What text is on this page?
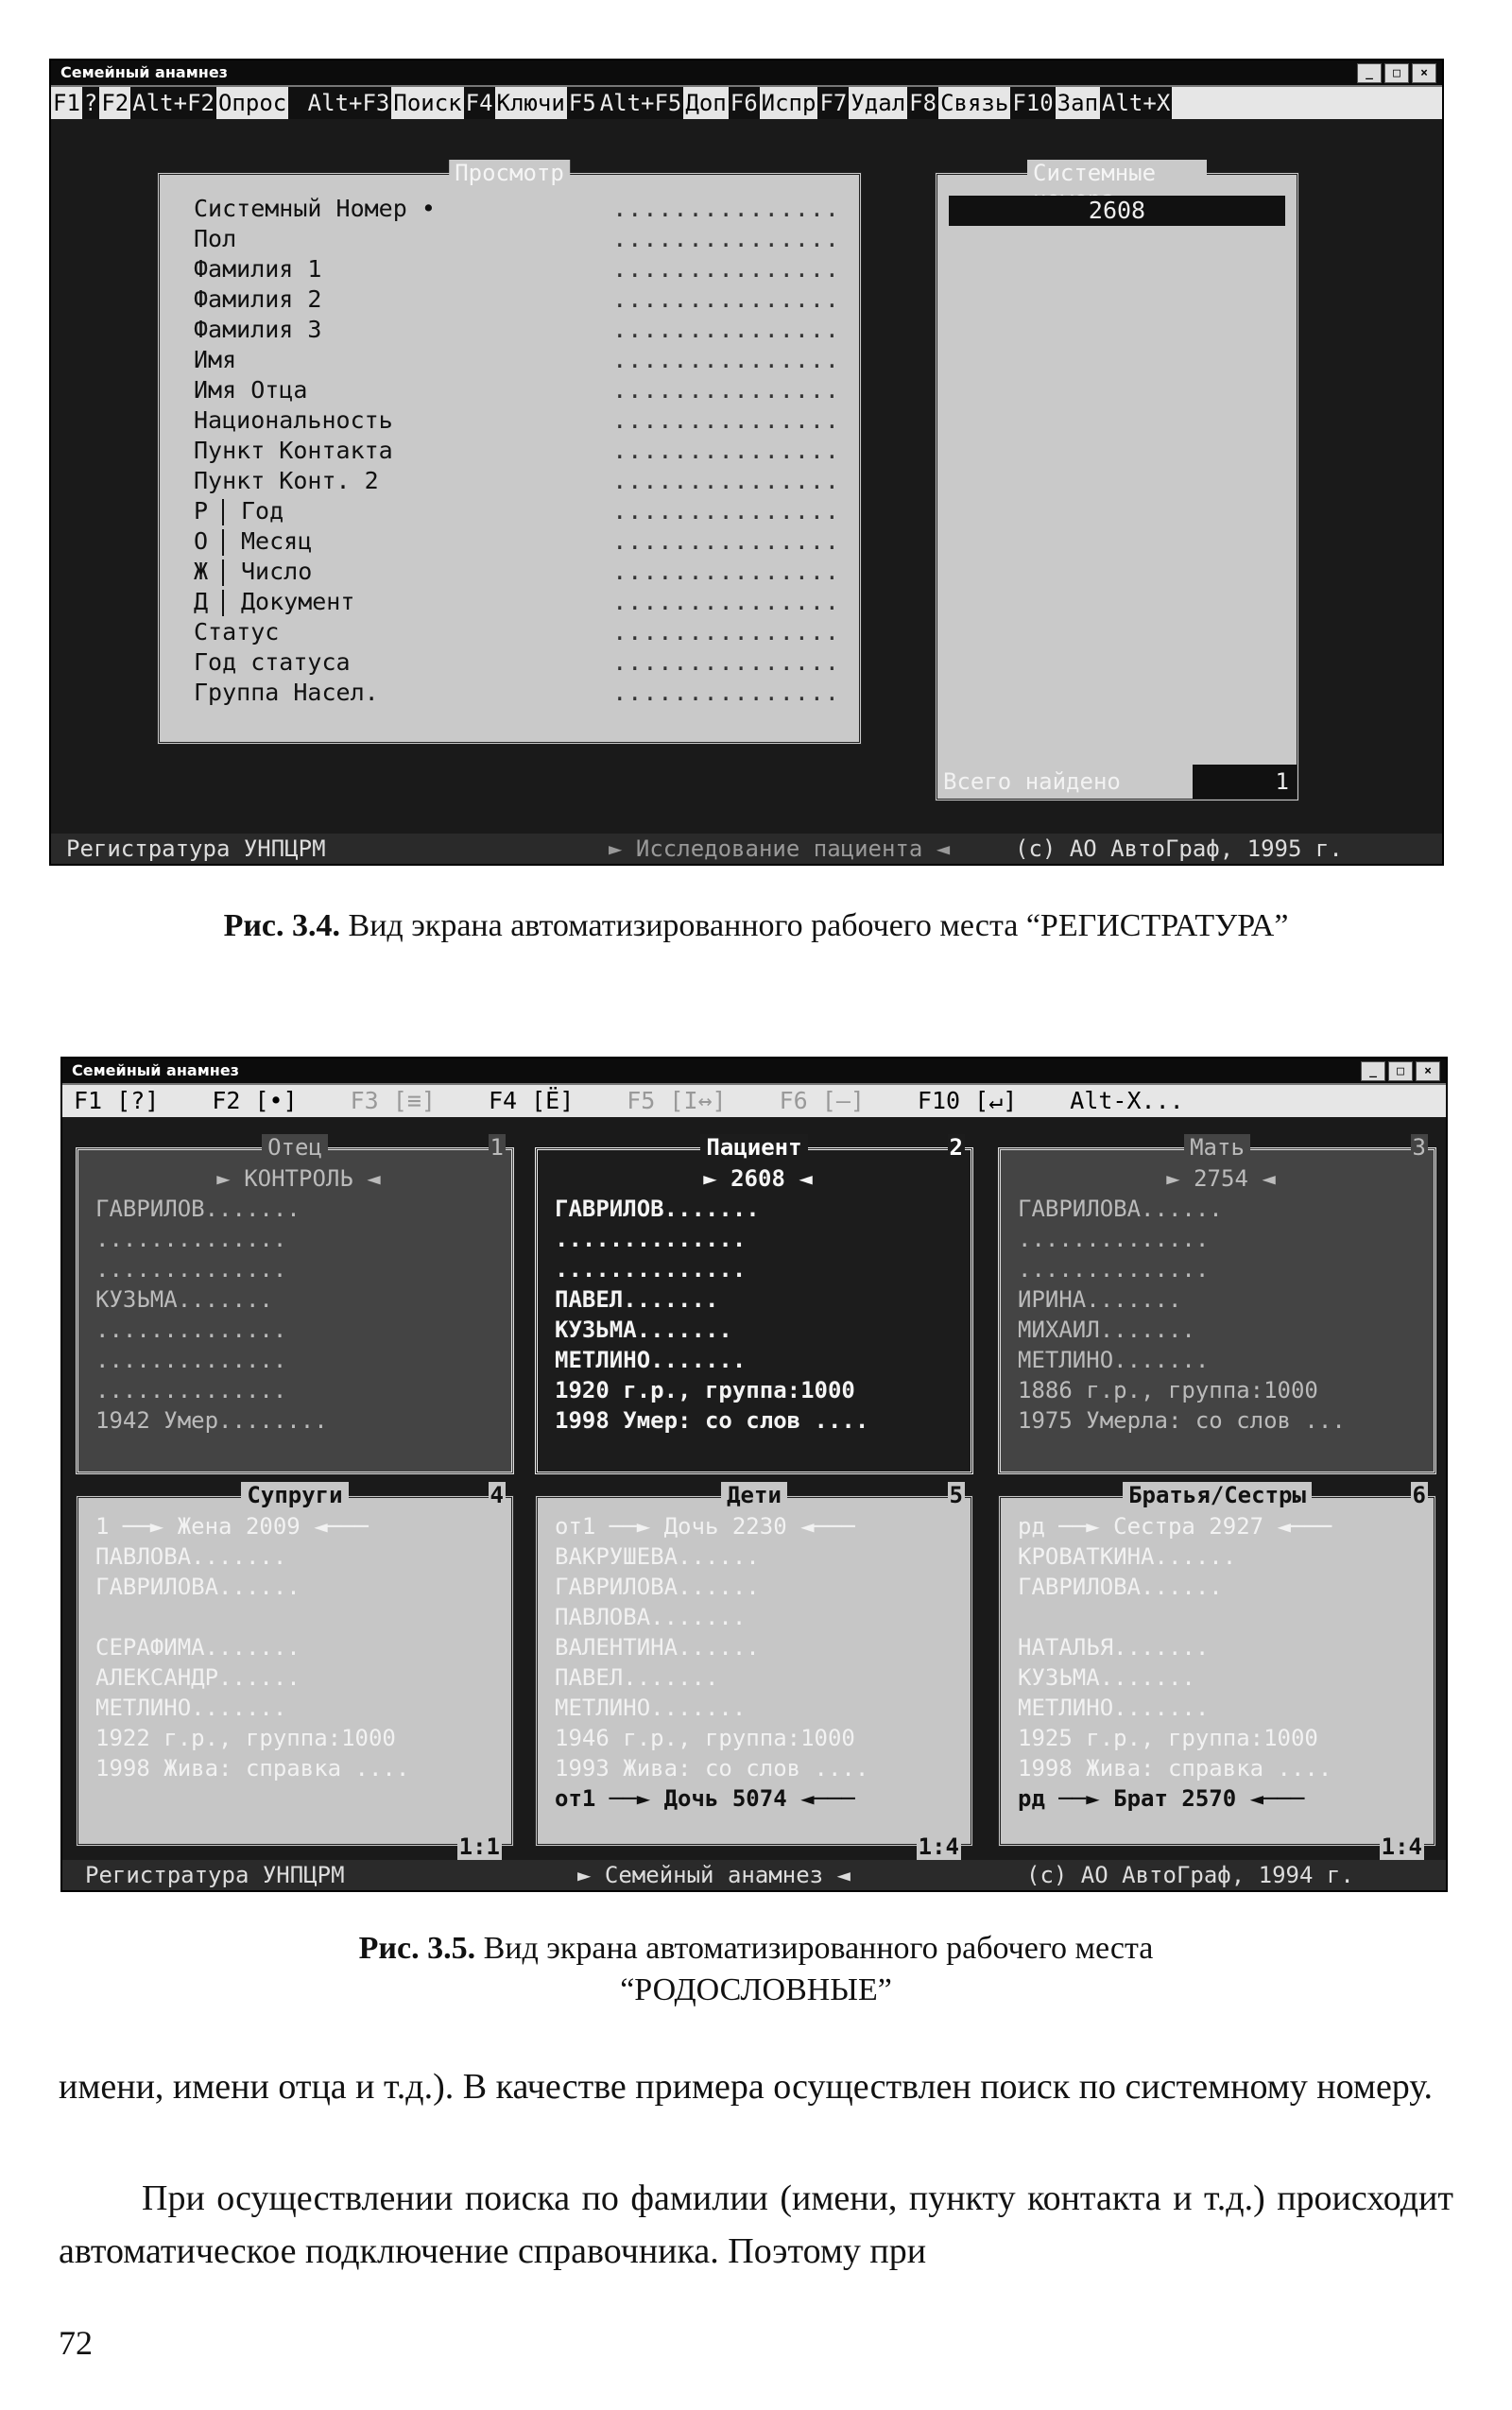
Семейный анамнез	_	□	×
F1 ? F2 Alt+F2 Опрос Alt+F3 Поиск F4 Ключи F5 Alt+F5 Доп F6 Испр F7 Удал F8 Связь F10 Зап Alt+X
Просмотр
Системный Номер •	...............
Пол	...............
Фамилия 1	...............
Фамилия 2	...............
Фамилия 3	...............
Имя	...............
Имя Отца	...............
Национальность	...............
Пункт Контакта	...............
Пункт Конт. 2	...............
Р Год	...............
О Месяц	...............
Ж Число	...............
Д Документ	...............
Статус	...............
Год статуса	...............
Группа Насел.	...............
Системные
2608
Всего найдено	1
Регистратура УНПЦРМ	► Исследование пациента ◄	(c) АО АвтоГраф, 1995 г.
Рис. 3.4. Вид экрана автоматизированного рабочего места “РЕГИСТРАТУРА”
Семейный анамнез	_	□	×
F1 [?] F2 [•] F3 [≡] F4 [Ё] F5 [I↔] F6 [–] F10 [↵] Alt-X...
Отец	1
► КОНТРОЛЬ ◄
ГАВРИЛОВ.......
..............
..............
КУЗЬМА.......
..............
..............
..............
1942 Умер........
Пациент	2
► 2608 ◄
ГАВРИЛОВ.......
..............
..............
ПАВЕЛ.......
КУЗЬМА.......
МЕТЛИНО.......
1920 г.р., группа:1000
1998 Умер: со слов ....
Мать	3
► 2754 ◄
ГАВРИЛОВА......
..............
..............
ИРИНА.......
МИХАИЛ.......
МЕТЛИНО.......
1886 г.р., группа:1000
1975 Умерла: со слов ...
Супруги	4
1:1
1 ──► Жена 2009 ◄───
ПАВЛОВА.......
ГАВРИЛОВА......
СЕРАФИМА.......
АЛЕКСАНДР......
МЕТЛИНО.......
1922 г.р., группа:1000
1998 Жива: справка ....
Дети	5
1:4
от1 ──► Дочь 2230 ◄───
ВАКРУШЕВА......
ГАВРИЛОВА......
ПАВЛОВА.......
ВАЛЕНТИНА......
ПАВЕЛ.......
МЕТЛИНО.......
1946 г.р., группа:1000
1993 Жива: со слов ....
от1 ──► Дочь 5074 ◄───
Братья/Сестры	6
1:4
рд ──► Сестра 2927 ◄───
КРОВАТКИНА......
ГАВРИЛОВА......
НАТАЛЬЯ.......
КУЗЬМА.......
МЕТЛИНО.......
1925 г.р., группа:1000
1998 Жива: справка ....
рд ──► Брат 2570 ◄───
Регистратура УНПЦРМ	► Семейный анамнез ◄	(c) АО АвтоГраф, 1994 г.
Рис. 3.5. Вид экрана автоматизированного рабочего места
“РОДОСЛОВНЫЕ”
имени, имени отца и т.д.). В качестве примера осуществлен поиск по системному номеру.
При осуществлении поиска по фамилии (имени, пункту контакта и т.д.) происходит автоматическое подключение справочника. Поэтому при
72
